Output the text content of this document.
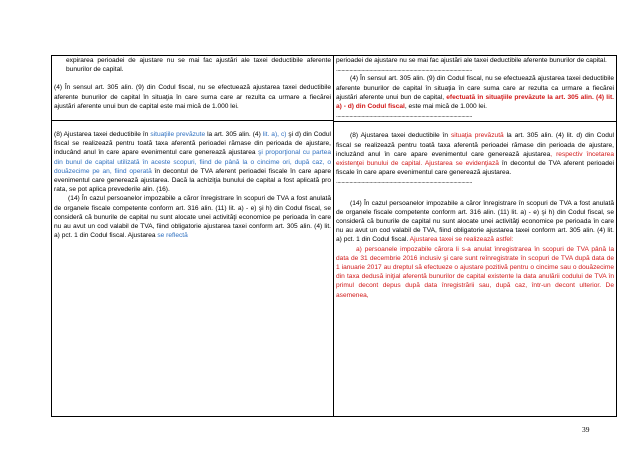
expirarea perioadei de ajustare nu se mai fac ajustări ale taxei deductibile aferente bunurilor de capital.
(4) În sensul art. 305 alin. (9) din Codul fiscal, nu se efectuează ajustarea taxei deductibile aferente bunurilor de capital în situaţia în care suma care ar rezulta ca urmare a fiecărei ajustări aferente unui bun de capital este mai mică de 1.000 lei.
(8) Ajustarea taxei deductibile în situaţiile prevăzute la art. 305 alin. (4) lit. a), c) şi d) din Codul fiscal se realizează pentru toată taxa aferentă perioadei rămase din perioada de ajustare, inducând anul în care apare evenimentul care generează ajustarea şi proporţional cu partea din bunul de capital utilizată în aceste scopuri, fiind de până la o cincime ori, după caz, o douăzecime pe an, fiind operată în decontul de TVA aferent perioadei fiscale în care apare evenimentul care generează ajustarea. Dacă la achiziţia bunului de capital a fost aplicată pro rata, se pot aplica prevederile alin. (16).
(14) În cazul persoanelor impozabile a căror înregistrare în scopuri de TVA a fost anulată de organele fiscale competente conform art. 316 alin. (11) lit. a) - e) şi h) din Codul fiscal, se consideră că bunurile de capital nu sunt alocate unei activităţi economice pe perioada în care nu au avut un cod valabil de TVA, fiind obligatorie ajustarea taxei conform art. 305 alin. (4) lit. a) pct. 1 din Codul fiscal. Ajustarea se reflectă
perioadei de ajustare nu se mai fac ajustări ale taxei deductibile aferente bunurilor de capital.
......................................................................................................
(4) În sensul art. 305 alin. (9) din Codul fiscal, nu se efectuează ajustarea taxei deductibile aferente bunurilor de capital în situaţia în care suma care ar rezulta ca urmare a fiecărei ajustări aferente unui bun de capital, efectuată în situaţiile prevăzute la art. 305 alin. (4) lit. a) - d) din Codul fiscal, este mai mică de 1.000 lei.
......................................................................................................
(8) Ajustarea taxei deductibile în situaţia prevăzută la art. 305 alin. (4) lit. d) din Codul fiscal se realizează pentru toată taxa aferentă perioadei rămase din perioada de ajustare, incluzând anul în care apare evenimentul care generează ajustarea, respectiv încetarea existenţei bunului de capital. Ajustarea se evidenţiază în decontul de TVA aferent perioadei fiscale în care apare evenimentul care generează ajustarea.
......................................................................................................
(14) În cazul persoanelor impozabile a căror înregistrare în scopuri de TVA a fost anulată de organele fiscale competente conform art. 316 alin. (11) lit. a) - e) şi h) din Codul fiscal, se consideră că bunurile de capital nu sunt alocate unei activităţi economice pe perioada în care nu au avut un cod valabil de TVA, fiind obligatorie ajustarea taxei conform art. 305 alin. (4) lit. a) pct. 1 din Codul fiscal. Ajustarea taxei se realizează astfel:
a) persoanele impozabile cărora li s-a anulat înregistrarea în scopuri de TVA până la data de 31 decembrie 2016 inclusiv şi care sunt reînregistrate în scopuri de TVA după data de 1 ianuarie 2017 au dreptul să efectueze o ajustare pozitivă pentru o cincime sau o douăzecime din taxa dedusă iniţial aferentă bunurilor de capital existente la data anulării codului de TVA în primul decont depus după data înregistrării sau, după caz, într-un decont ulterior. De asemenea,
39
